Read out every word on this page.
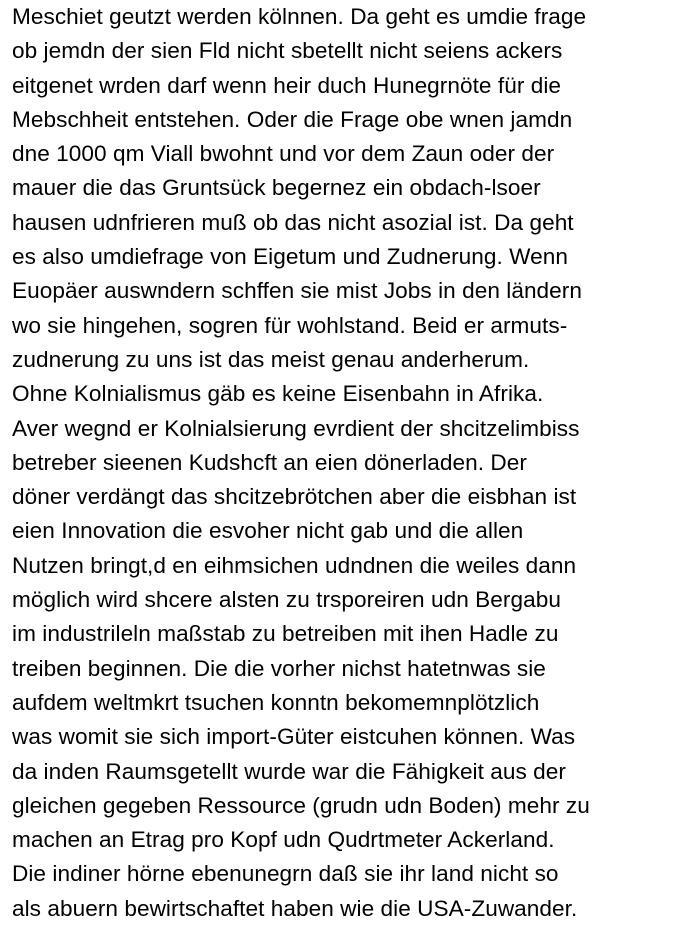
Meschiet geutzt werden kölnnen. Da geht es umdie frage
ob jemdn der sien Fld nicht sbetellt nicht seiens ackers
eitgenet wrden darf wenn heir duch Hunegrnöte für die
Mebschheit entstehen. Oder die Frage obe wnen jamdn
dne 1000 qm Viall bwohnt und vor dem Zaun oder der
mauer die das Gruntsück begernez ein obdach-lsoer
hausen udnfrieren muß ob das nicht asozial ist. Da geht
es also umdiefrage von Eigetum und Zudnerung. Wenn
Euopäer auswndern schffen sie mist Jobs in den ländern
wo sie hingehen, sogren für wohlstand. Beid er armuts-
zudnerung zu uns ist das meist genau anderherum.
Ohne Kolnialismus gäb es keine Eisenbahn in Afrika.
Aver wegnd er Kolnialsierung evrdient der shcitzelimbiss
betreber sieenen Kudshcft an eien dönerladen. Der
döner verdängt das shcitzebrötchen aber die eisbhan ist
eien Innovation die esvoher nicht gab und die allen
Nutzen bringt,d en eihmsichen udndnen die weiles dann
möglich wird shcere alsten zu trsporeiren udn Bergabu
im industrileln maßstab zu betreiben mit ihen Hadle zu
treiben beginnen. Die die vorher nichst hatetnwas sie
aufdem weltmkrt tsuchen konntn bekomemnplötzlich
was womit sie sich import-Güter eistcuhen können. Was
da inden Raumsgetellt wurde war die Fähigkeit aus der
gleichen gegeben Ressource (grudn udn Boden) mehr zu
machen an Etrag pro Kopf udn Qudrtmeter Ackerland.
Die indiner hörne ebenunegrn daß sie ihr land nicht so
als abuern bewirtschaftet haben wie die USA-Zuwander.
